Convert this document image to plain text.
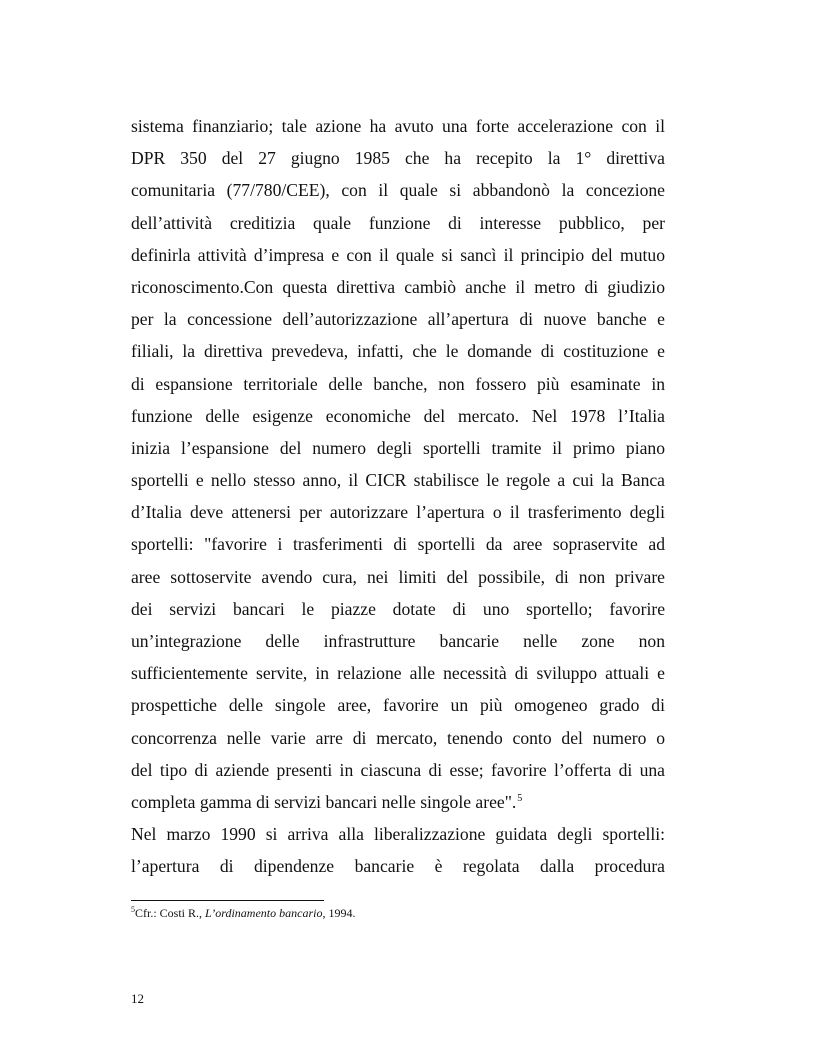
sistema finanziario; tale azione ha avuto una forte accelerazione con il
DPR 350 del 27 giugno 1985 che ha recepito la 1° direttiva
comunitaria (77/780/CEE), con il quale si abbandonò la concezione
dell’attività creditizia quale funzione di interesse pubblico, per
definirla attività d’impresa e con il quale si sancì il principio del mutuo
riconoscimento.Con questa direttiva cambiò anche il metro di giudizio
per la concessione dell’autorizzazione all’apertura di nuove banche e
filiali, la direttiva prevedeva, infatti, che le domande di costituzione e
di espansione territoriale delle banche, non fossero più esaminate in
funzione delle esigenze economiche del mercato. Nel 1978 l’Italia
inizia l’espansione del numero degli sportelli tramite il primo piano
sportelli e nello stesso anno, il CICR stabilisce le regole a cui la Banca
d’Italia deve attenersi per autorizzare l’apertura o il trasferimento degli
sportelli: "favorire i trasferimenti di sportelli da aree sopraservite ad
aree sottoservite avendo cura, nei limiti del possibile, di non privare
dei servizi bancari le piazze dotate di uno sportello; favorire
un’integrazione delle infrastrutture bancarie nelle zone non
sufficientemente servite, in relazione alle necessità di sviluppo attuali e
prospettiche delle singole aree, favorire un più omogeneo grado di
concorrenza nelle varie arre di mercato, tenendo conto del numero o
del tipo di aziende presenti in ciascuna di esse; favorire l’offerta di una
completa gamma di servizi bancari nelle singole aree".$^5$
Nel marzo 1990 si arriva alla liberalizzazione guidata degli sportelli:
l’apertura di dipendenze bancarie è regolata dalla procedura
$^5$Cfr.: Costi R., L’ordinamento bancario, 1994.
12
